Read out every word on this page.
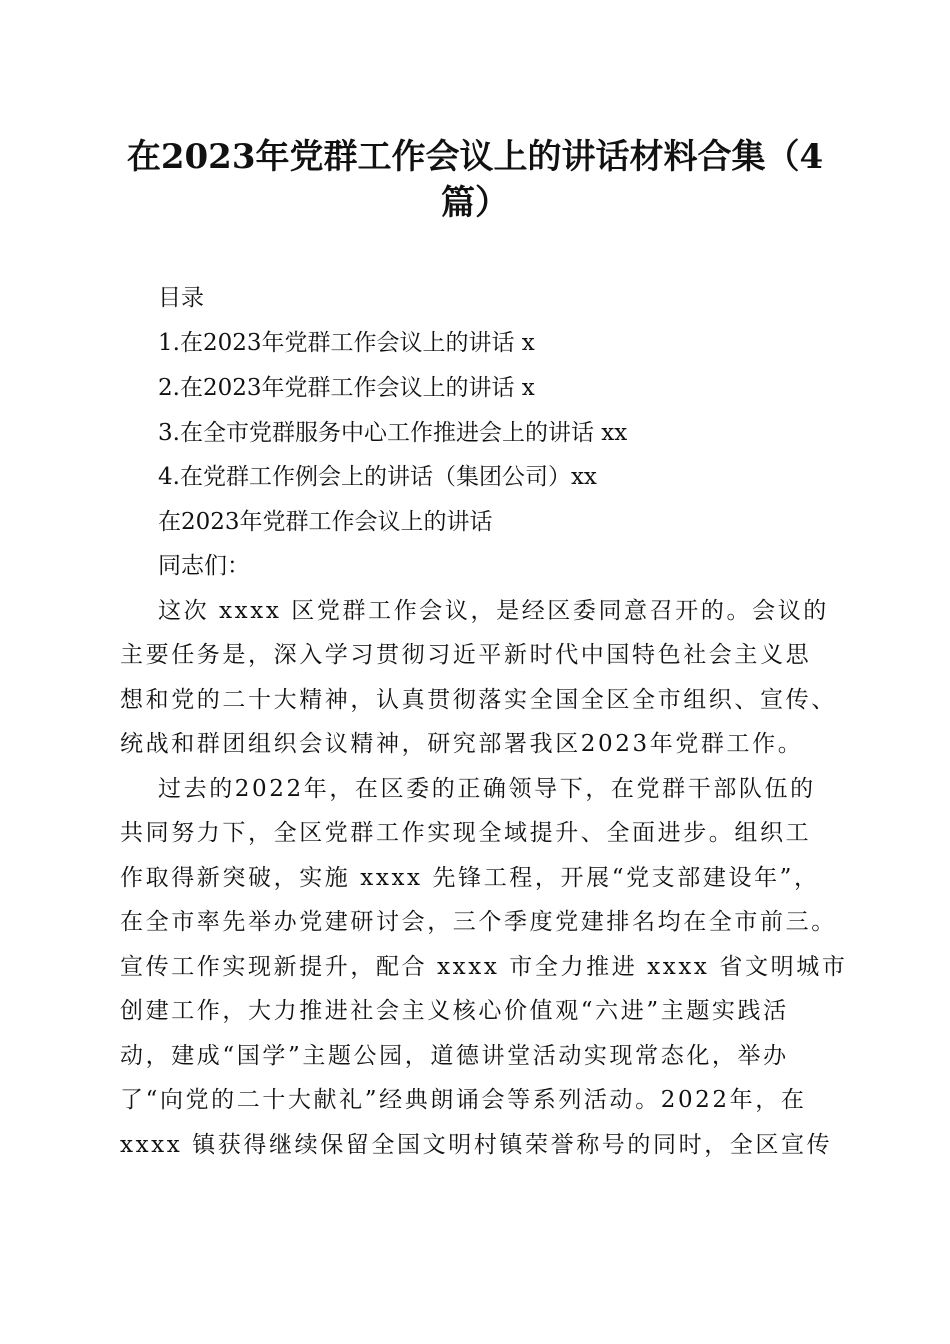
在2023年党群工作会议上的讲话材料合集（4
篇）

目录

1.在2023年党群工作会议上的讲话 x

2.在2023年党群工作会议上的讲话 x

3.在全市党群服务中心工作推进会上的讲话 xx

4.在党群工作例会上的讲话（集团公司）xx

在2023年党群工作会议上的讲话

同志们：

这次 xxxx 区党群工作会议，是经区委同意召开的。会议的

主要任务是，深入学习贯彻习近平新时代中国特色社会主义思

想和党的二十大精神，认真贯彻落实全国全区全市组织、宣传、

统战和群团组织会议精神，研究部署我区2023年党群工作。

过去的2022年，在区委的正确领导下，在党群干部队伍的

共同努力下，全区党群工作实现全域提升、全面进步。组织工

作取得新突破，实施 xxxx 先锋工程，开展“党支部建设年”，

在全市率先举办党建研讨会，三个季度党建排名均在全市前三。

宣传工作实现新提升，配合 xxxx 市全力推进 xxxx 省文明城市

创建工作，大力推进社会主义核心价值观“六进”主题实践活

动，建成“国学”主题公园，道德讲堂活动实现常态化，举办

了“向党的二十大献礼”经典朗诵会等系列活动。2022年，在

xxxx 镇获得继续保留全国文明村镇荣誉称号的同时，全区宣传
